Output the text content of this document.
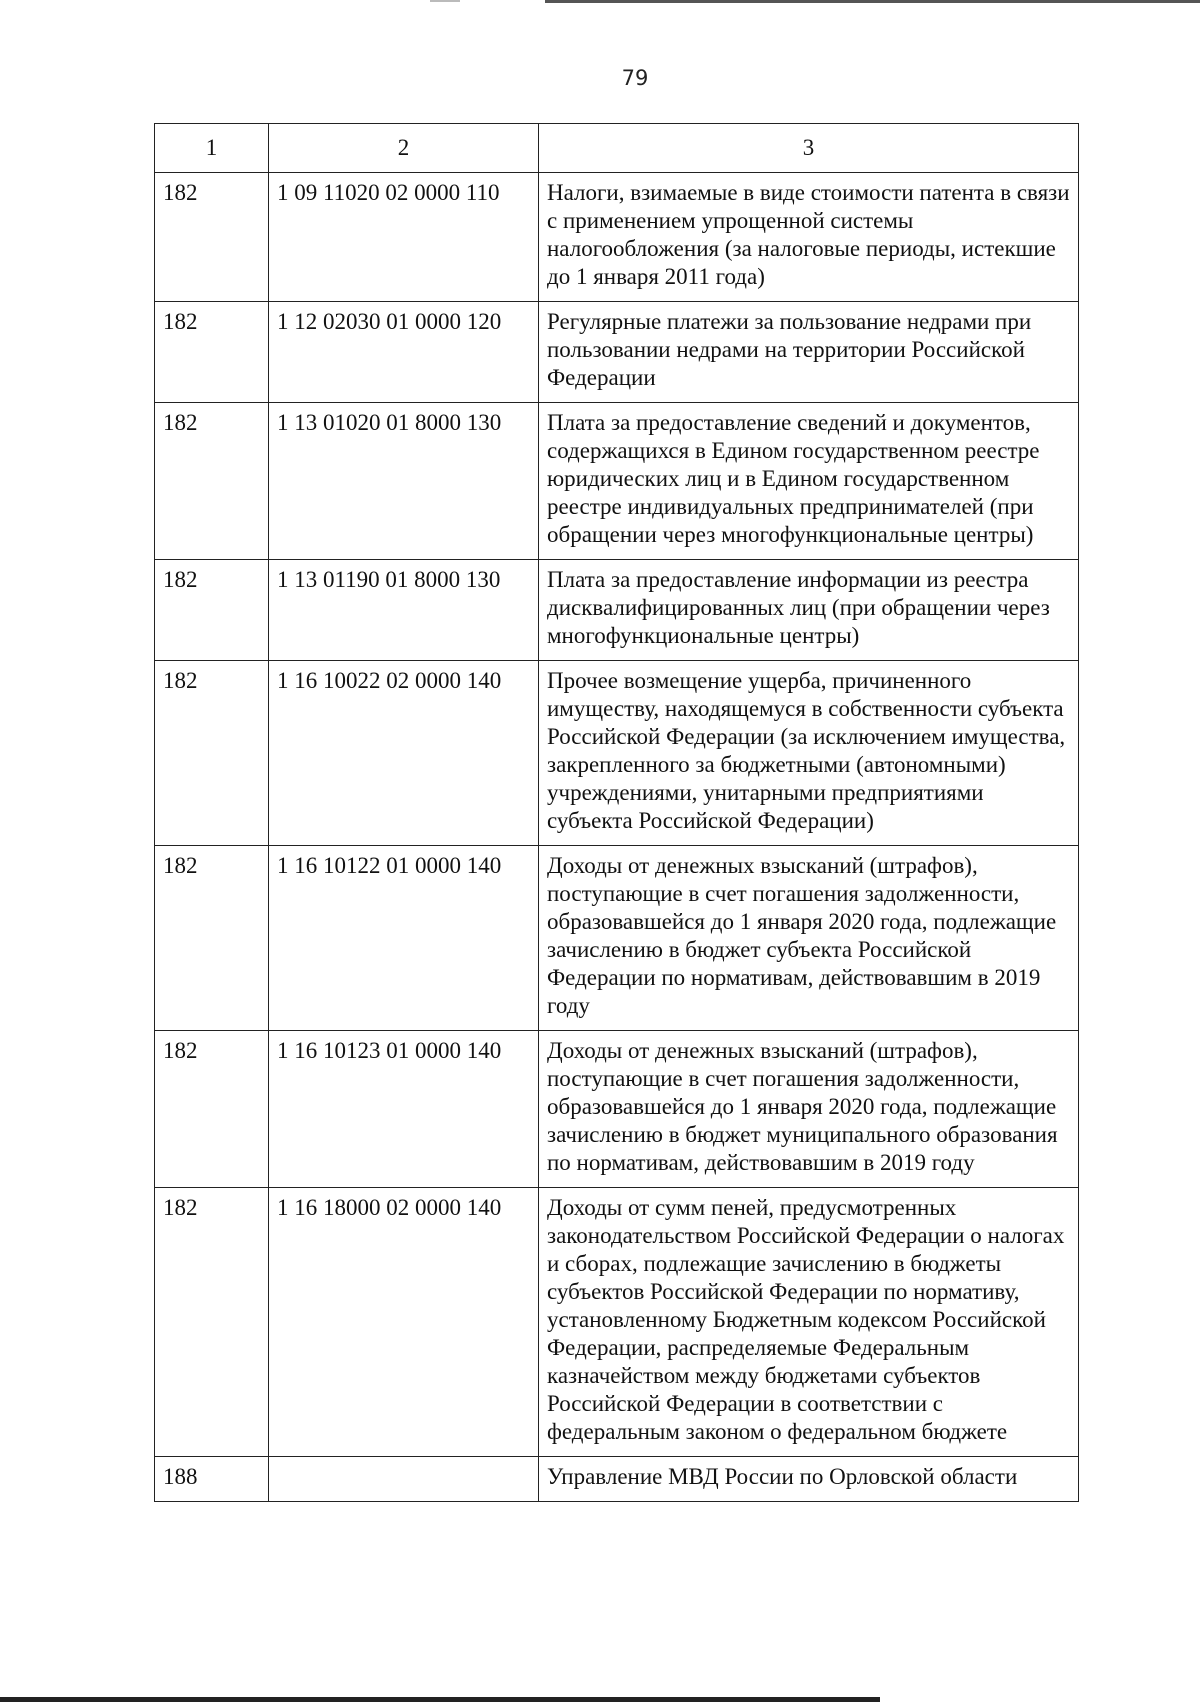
79
1	2	3
182	1 09 11020 02 0000 110	Налоги, взимаемые в виде стоимости патента в связи с применением упрощенной системы налогообложения (за налоговые периоды, истекшие до 1 января 2011 года)
182	1 12 02030 01 0000 120	Регулярные платежи за пользование недрами при пользовании недрами на территории Российской Федерации
182	1 13 01020 01 8000 130	Плата за предоставление сведений и документов, содержащихся в Едином государственном реестре юридических лиц и в Едином государственном реестре индивидуальных предпринимателей (при обращении через многофункциональные центры)
182	1 13 01190 01 8000 130	Плата за предоставление информации из реестра дисквалифицированных лиц (при обращении через многофункциональные центры)
182	1 16 10022 02 0000 140	Прочее возмещение ущерба, причиненного имуществу, находящемуся в собственности субъекта Российской Федерации (за исключением имущества, закрепленного за бюджетными (автономными) учреждениями, унитарными предприятиями субъекта Российской Федерации)
182	1 16 10122 01 0000 140	Доходы от денежных взысканий (штрафов), поступающие в счет погашения задолженности, образовавшейся до 1 января 2020 года, подлежащие зачислению в бюджет субъекта Российской Федерации по нормативам, действовавшим в 2019 году
182	1 16 10123 01 0000 140	Доходы от денежных взысканий (штрафов), поступающие в счет погашения задолженности, образовавшейся до 1 января 2020 года, подлежащие зачислению в бюджет муниципального образования по нормативам, действовавшим в 2019 году
182	1 16 18000 02 0000 140	Доходы от сумм пеней, предусмотренных законодательством Российской Федерации о налогах и сборах, подлежащие зачислению в бюджеты субъектов Российской Федерации по нормативу, установленному Бюджетным кодексом Российской Федерации, распределяемые Федеральным казначейством между бюджетами субъектов Российской Федерации в соответствии с федеральным законом о федеральном бюджете
188		Управление МВД России по Орловской области
